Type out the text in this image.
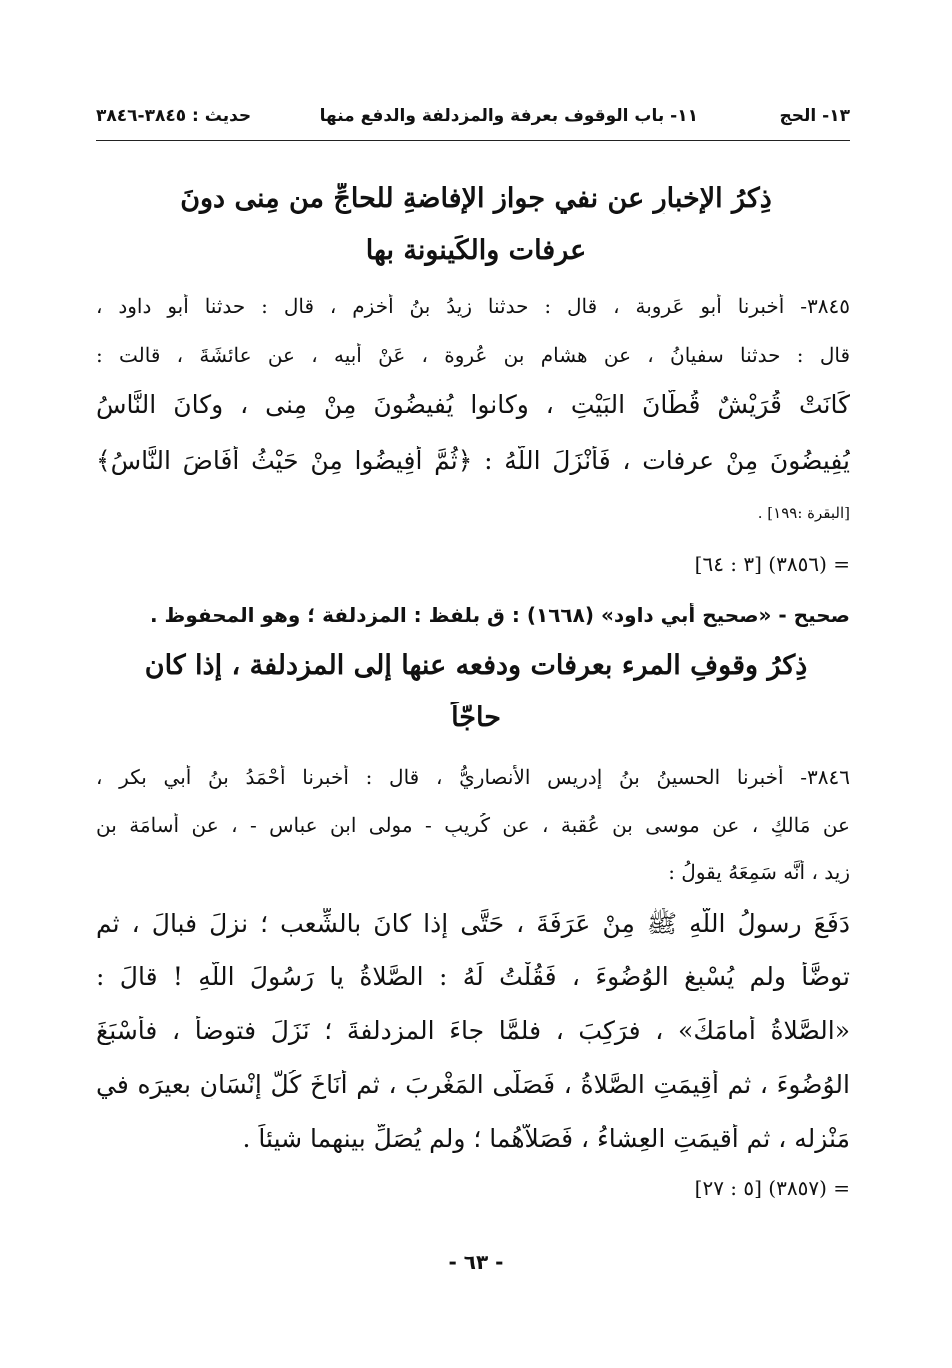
١٣- الحج
١١- باب الوقوف بعرفة والمزدلفة والدفع منها
حديث : ٣٨٤٥-٣٨٤٦
ذِكرُ الإخبارِ عن نفي جواز الإفاضةِ للحاجِّ من مِنى دونَ
عرفات والكَينونة بها
٣٨٤٥- أخبرنا أبو عَروبة ، قال : حدثنا زيدُ بنُ أخزم ، قال : حدثنا أبو داود ،
قال : حدثنا سفيانُ ، عن هشام بن عُروة ، عَنْ أبيه ، عن عائشَةَ ، قالت :
كَانَتْ قُرَيْشٌ قُطَّانَ البَيْتِ ، وكانوا يُفيضُونَ مِنْ مِنى ، وكانَ النَّاسُ
يُفِيضُونَ مِنْ عرفات ، فَأَنْزَلَ اللَّهُ : ﴿ثُمَّ أَفِيضُوا مِنْ حَيْثُ أَفَاضَ النَّاسُ﴾
[البقرة :١٩٩] .
= (٣٨٥٦) [٣ : ٦٤]
صحيح - «صحيح أبي داود» (١٦٦٨) : ق بلفظ : المزدلفة ؛ وهو المحفوظ .
ذِكرُ وقوفِ المرء بعرفات ودفعه عنها إلى المزدلفة ، إذا كان
حاجّاً
٣٨٤٦- أخبرنا الحسينُ بنُ إدريس الأنصاريُّ ، قال : أخبرنا أَحْمَدُ بنُ أبي بكرٍ ،
عن مَالكٍ ، عن موسى بنِ عُقبة ، عن كُريبٍ - مولى ابنِ عباس - ، عن أسامَة بن
زيد ، أنَّه سَمِعَهُ يقولُ :
دَفَعَ رسولُ اللَّهِ ﷺ مِنْ عَرَفَةَ ، حَتَّى إذا كانَ بالشِّعب ؛ نزلَ فبالَ ، ثم
توضَّأ ولم يُسْبِغِ الوُضُوءَ ، فَقُلْتُ لَهُ : الصَّلاةُ يا رَسُولَ اللَّهِ ! قالَ :
«الصَّلاةُ أمامَكَ» ، فرَكِبَ ، فلمَّا جاءَ المزدلفةَ ؛ نَزَلَ فتوضأَ ، فأَسْبَغَ
الوُضُوءَ ، ثم أُقِيمَتِ الصَّلاةُ ، فَصَلَّى المَغْرِبَ ، ثم أَنَاخَ كُلُّ إنْسَانٍ بعيرَه في
مَنْزِله ، ثم أُقيمَتِ العِشاءُ ، فَصَلاَّهُما ؛ ولم يُصَلِّ بينهما شيئاً .
= (٣٨٥٧) [٥ : ٢٧]
- ٦٣ -
